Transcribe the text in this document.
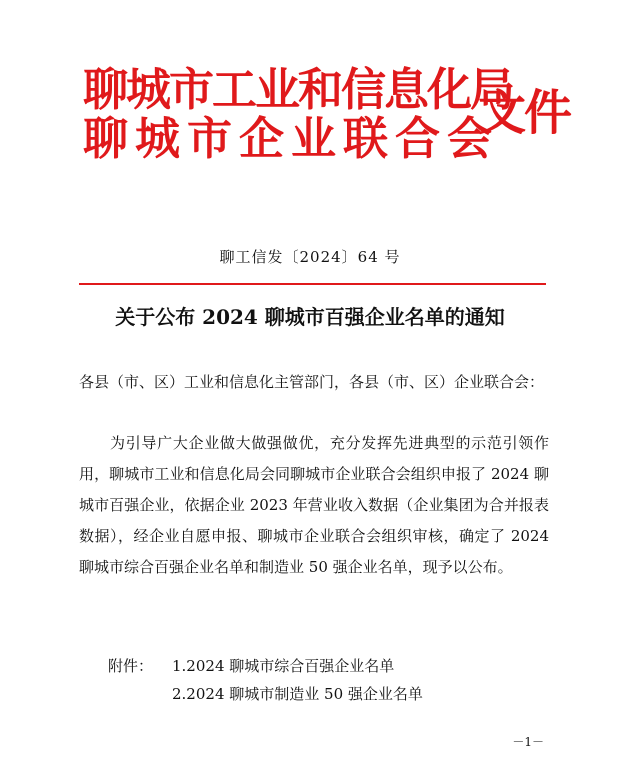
聊城市工业和信息化局
聊城市企业联合会
文件
聊工信发〔2024〕64 号
关于公布 2024 聊城市百强企业名单的通知
各县（市、区）工业和信息化主管部门，各县（市、区）企业联合会：
为引导广大企业做大做强做优，充分发挥先进典型的示范引领作用，聊城市工业和信息化局会同聊城市企业联合会组织申报了 2024 聊城市百强企业，依据企业 2023 年营业收入数据（企业集团为合并报表数据），经企业自愿申报、聊城市企业联合会组织审核，确定了 2024 聊城市综合百强企业名单和制造业 50 强企业名单，现予以公布。
附件： 1.2024 聊城市综合百强企业名单
2.2024 聊城市制造业 50 强企业名单
－1－
